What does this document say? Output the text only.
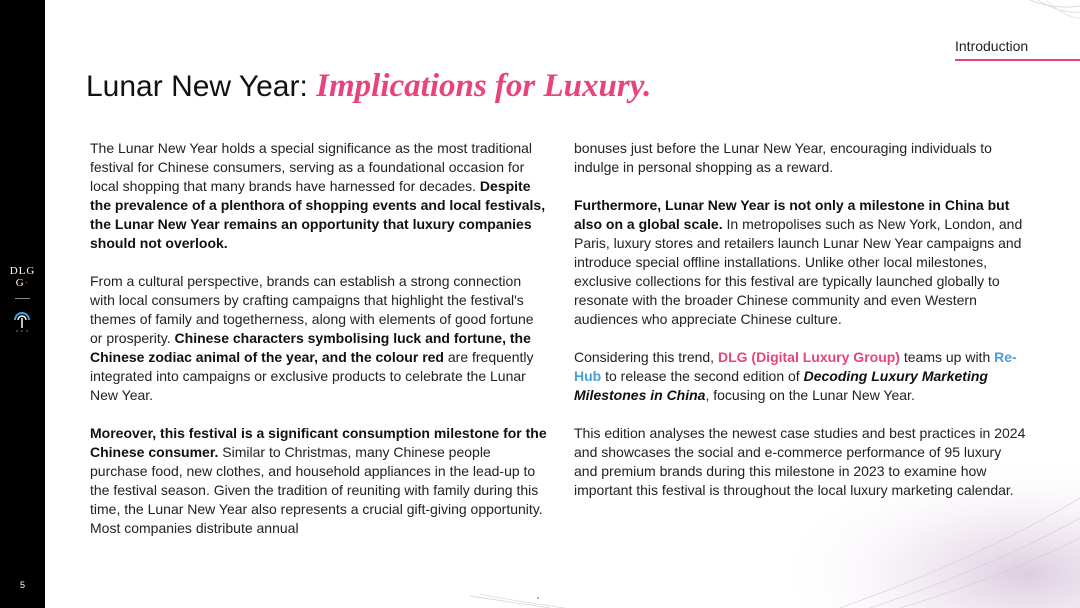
DLG
G·
5
Introduction
Lunar New Year: Implications for Luxury.

The Lunar New Year holds a special significance as the most traditional festival for Chinese consumers, serving as a foundational occasion for local shopping that many brands have harnessed for decades. Despite the prevalence of a plenthora of shopping events and local festivals, the Lunar New Year remains an opportunity that luxury companies should not overlook.

From a cultural perspective, brands can establish a strong connection with local consumers by crafting campaigns that highlight the festival's themes of family and togetherness, along with elements of good fortune or prosperity. Chinese characters symbolising luck and fortune, the Chinese zodiac animal of the year, and the colour red are frequently integrated into campaigns or exclusive products to celebrate the Lunar New Year.

Moreover, this festival is a significant consumption milestone for the Chinese consumer. Similar to Christmas, many Chinese people purchase food, new clothes, and household appliances in the lead-up to the festival season. Given the tradition of reuniting with family during this time, the Lunar New Year also represents a crucial gift-giving opportunity. Most companies distribute annual

bonuses just before the Lunar New Year, encouraging individuals to indulge in personal shopping as a reward.

Furthermore, Lunar New Year is not only a milestone in China but also on a global scale. In metropolises such as New York, London, and Paris, luxury stores and retailers launch Lunar New Year campaigns and introduce special offline installations. Unlike other local milestones, exclusive collections for this festival are typically launched globally to resonate with the broader Chinese community and even Western audiences who appreciate Chinese culture.

Considering this trend, DLG (Digital Luxury Group) teams up with Re-Hub to release the second edition of Decoding Luxury Marketing Milestones in China, focusing on the Lunar New Year.

This edition analyses the newest case studies and best practices in 2024 and showcases the social and e-commerce performance of 95 luxury and premium brands during this milestone in 2023 to examine how important this festival is throughout the local luxury marketing calendar.
